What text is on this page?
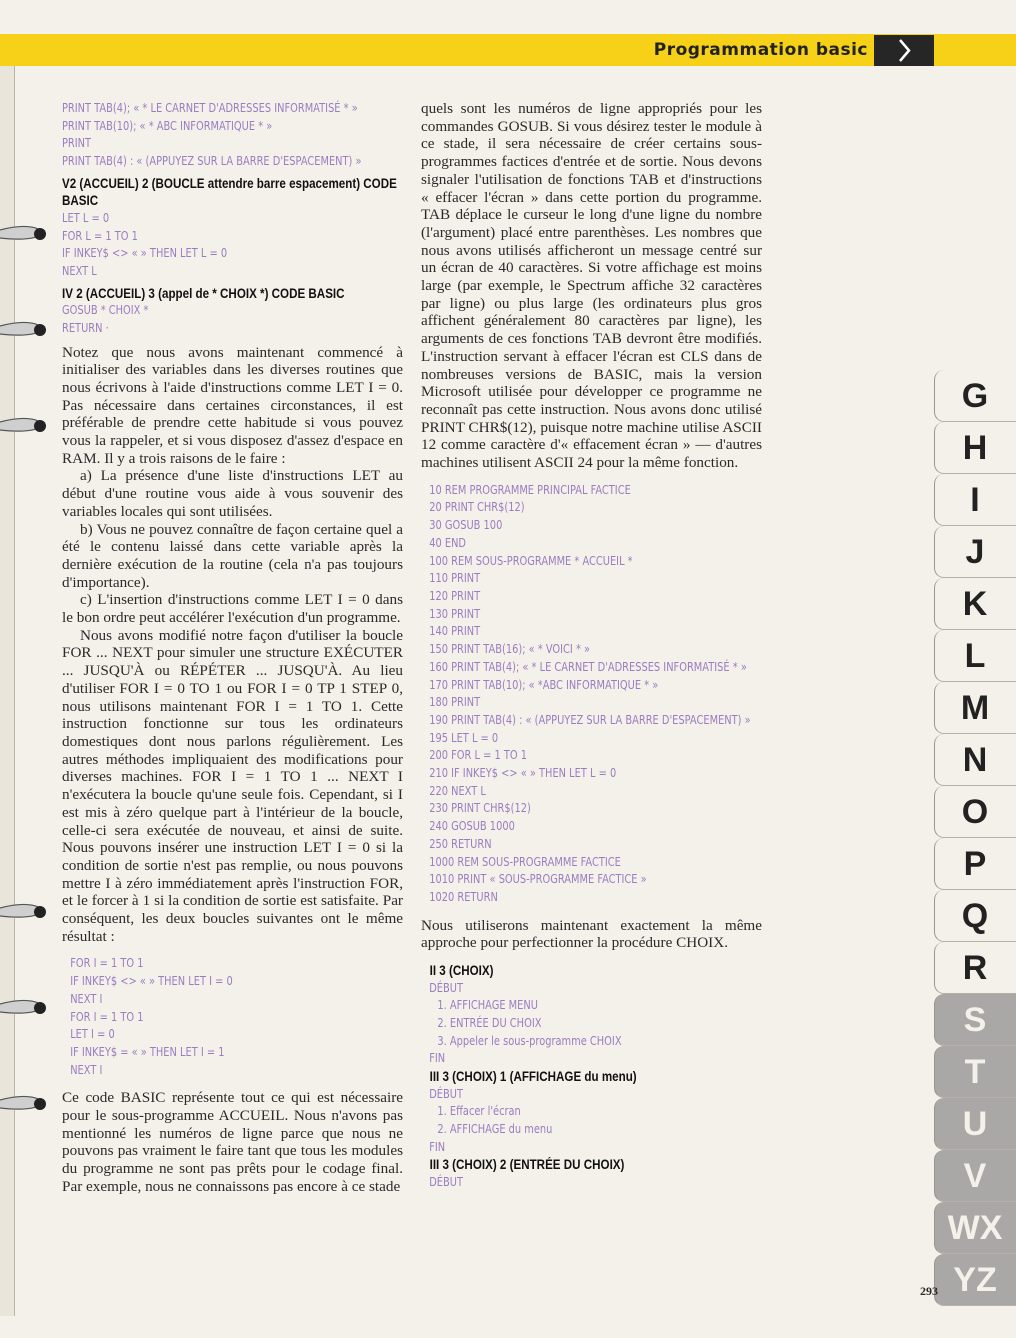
Programmation basic
PRINT TAB(4); « * LE CARNET D'ADRESSES INFORMATISÉ * »
PRINT TAB(10); « * ABC INFORMATIQUE * »
PRINT
PRINT TAB(4) : « (APPUYEZ SUR LA BARRE D'ESPACEMENT) »
V2 (ACCUEIL) 2 (BOUCLE attendre barre espacement) CODE BASIC
LET L = 0
FOR L = 1 TO 1
IF INKEY$ <> « » THEN LET L = 0
NEXT L
IV 2 (ACCUEIL) 3 (appel de * CHOIX *) CODE BASIC
GOSUB * CHOIX *
RETURN ·

Notez que nous avons maintenant commencé à initialiser des variables dans les diverses routines que nous écrivons à l'aide d'instructions comme LET I = 0. Pas nécessaire dans certaines circonstances, il est préférable de prendre cette habitude si vous pouvez vous la rappeler, et si vous disposez d'assez d'espace en RAM. Il y a trois raisons de le faire :

a) La présence d'une liste d'instructions LET au début d'une routine vous aide à vous souvenir des variables locales qui sont utilisées.

b) Vous ne pouvez connaître de façon certaine quel a été le contenu laissé dans cette variable après la dernière exécution de la routine (cela n'a pas toujours d'importance).

c) L'insertion d'instructions comme LET I = 0 dans le bon ordre peut accélérer l'exécution d'un programme.

Nous avons modifié notre façon d'utiliser la boucle FOR ... NEXT pour simuler une structure EXÉCUTER ... JUSQU'À ou RÉPÉTER ... JUSQU'À. Au lieu d'utiliser FOR I = 0 TO 1 ou FOR I = 0 TP 1 STEP 0, nous utilisons maintenant FOR I = 1 TO 1. Cette instruction fonctionne sur tous les ordinateurs domestiques dont nous parlons régulièrement. Les autres méthodes impliquaient des modifications pour diverses machines. FOR I = 1 TO 1 ... NEXT I n'exécutera la boucle qu'une seule fois. Cependant, si I est mis à zéro quelque part à l'intérieur de la boucle, celle-ci sera exécutée de nouveau, et ainsi de suite. Nous pouvons insérer une instruction LET I = 0 si la condition de sortie n'est pas remplie, ou nous pouvons mettre I à zéro immédiatement après l'instruction FOR, et le forcer à 1 si la condition de sortie est satisfaite. Par conséquent, les deux boucles suivantes ont le même résultat :

FOR I = 1 TO 1
IF INKEY$ <> « » THEN LET I = 0
NEXT I
FOR I = 1 TO 1
LET I = 0
IF INKEY$ = « » THEN LET I = 1
NEXT I

Ce code BASIC représente tout ce qui est nécessaire pour le sous-programme ACCUEIL. Nous n'avons pas mentionné les numéros de ligne parce que nous ne pouvons pas vraiment le faire tant que tous les modules du programme ne sont pas prêts pour le codage final. Par exemple, nous ne connaissons pas encore à ce stade

quels sont les numéros de ligne appropriés pour les commandes GOSUB. Si vous désirez tester le module à ce stade, il sera nécessaire de créer certains sous-programmes factices d'entrée et de sortie. Nous devons signaler l'utilisation de fonctions TAB et d'instructions « effacer l'écran » dans cette portion du programme. TAB déplace le curseur le long d'une ligne du nombre (l'argument) placé entre parenthèses. Les nombres que nous avons utilisés afficheront un message centré sur un écran de 40 caractères. Si votre affichage est moins large (par exemple, le Spectrum affiche 32 caractères par ligne) ou plus large (les ordinateurs plus gros affichent généralement 80 caractères par ligne), les arguments de ces fonctions TAB devront être modifiés. L'instruction servant à effacer l'écran est CLS dans de nombreuses versions de BASIC, mais la version Microsoft utilisée pour développer ce programme ne reconnaît pas cette instruction. Nous avons donc utilisé PRINT CHR$(12), puisque notre machine utilise ASCII 12 comme caractère d'« effacement écran » — d'autres machines utilisent ASCII 24 pour la même fonction.

10 REM PROGRAMME PRINCIPAL FACTICE
20 PRINT CHR$(12)
30 GOSUB 100
40 END
100 REM SOUS-PROGRAMME * ACCUEIL *
110 PRINT
120 PRINT
130 PRINT
140 PRINT
150 PRINT TAB(16); « * VOICI * »
160 PRINT TAB(4); « * LE CARNET D'ADRESSES INFORMATISÉ * »
170 PRINT TAB(10); « *ABC INFORMATIQUE * »
180 PRINT
190 PRINT TAB(4) : « (APPUYEZ SUR LA BARRE D'ESPACEMENT) »
195 LET L = 0
200 FOR L = 1 TO 1
210 IF INKEY$ <> « » THEN LET L = 0
220 NEXT L
230 PRINT CHR$(12)
240 GOSUB 1000
250 RETURN
1000 REM SOUS-PROGRAMME FACTICE
1010 PRINT « SOUS-PROGRAMME FACTICE »
1020 RETURN

Nous utiliserons maintenant exactement la même approche pour perfectionner la procédure CHOIX.

II 3 (CHOIX)
DÉBUT
1. AFFICHAGE MENU
2. ENTRÉE DU CHOIX
3. Appeler le sous-programme CHOIX
FIN
III 3 (CHOIX) 1 (AFFICHAGE du menu)
DÉBUT
1. Effacer l'écran
2. AFFICHAGE du menu
FIN
III 3 (CHOIX) 2 (ENTRÉE DU CHOIX)
DÉBUT
G
H
I
J
K
L
M
N
O
P
Q
R
S
T
U
V
WX
YZ
293
